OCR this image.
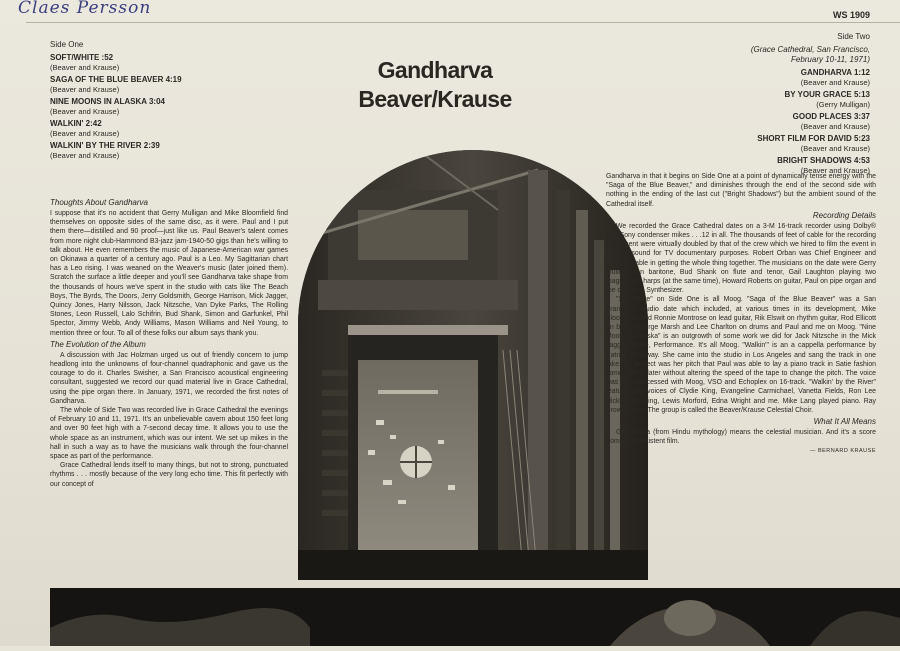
Claes Persson	WS 1909
Side One
SOFT/WHITE :52
(Beaver and Krause)
SAGA OF THE BLUE BEAVER 4:19
(Beaver and Krause)
NINE MOONS IN ALASKA 3:04
(Beaver and Krause)
WALKIN' 2:42
(Beaver and Krause)
WALKIN' BY THE RIVER 2:39
(Beaver and Krause)
Gandharva
Beaver/Krause
Side Two
(Grace Cathedral, San Francisco,
February 10-11, 1971)
GANDHARVA 1:12
(Beaver and Krause)
BY YOUR GRACE 5:13
(Gerry Mulligan)
GOOD PLACES 3:37
(Beaver and Krause)
SHORT FILM FOR DAVID 5:23
(Beaver and Krause)
BRIGHT SHADOWS 4:53
(Beaver and Krause)
Thoughts About Gandharva
I suppose that it's no accident that Gerry Mulligan and Mike Bloomfield find themselves on opposite sides of the same disc, as it were. Paul and I put them there—distilled and 90 proof—just like us. Paul Beaver's talent comes from more night club-Hammond B3-jazz jam-1940-50 gigs than he's willing to talk about. He even remembers the music of Japanese-American war games on Okinawa a quarter of a century ago. Paul is a Leo. My Sagittarian chart has a Leo rising. I was weaned on the Weaver's music (later joined them). Scratch the surface a little deeper and you'll see Gandharva take shape from the thousands of hours we've spent in the studio with cats like The Beach Boys, The Byrds, The Doors, Jerry Goldsmith, George Harrison, Mick Jagger, Quincy Jones, Harry Nilsson, Jack Nitzsche, Van Dyke Parks, The Rolling Stones, Leon Russell, Lalo Schifrin, Bud Shank, Simon and Garfunkel, Phil Spector, Jimmy Webb, Andy Williams, Mason Williams and Neil Young, to mention three or four. To all of these folks our album says thank you.
The Evolution of the Album

A discussion with Jac Holzman urged us out of friendly concern to jump headlong into the unknowns of four-channel quadraphonic and gave us the courage to do it. Charles Swisher, a San Francisco acoustical engineering consultant, suggested we record our quad material live in Grace Cathedral, using the pipe organ there. In January, 1971, we recorded the first notes of Gandharva.

The whole of Side Two was recorded live in Grace Cathedral the evenings of February 10 and 11, 1971. It's an unbelievable cavern about 150 feet long and over 90 feet high with a 7-second decay time. It allows you to use the whole space as an instrument, which was our intent. We set up mikes in the hall in such a way as to have the musicians walk through the four-channel space as part of the performance.

Grace Cathedral lends itself to many things, but not to strong, punctuated rhythms . . . mostly because of the very long echo time. This fit perfectly with our concept of

Gandharva in that it begins on Side One at a point of dynamically tense energy with the "Saga of the Blue Beaver," and diminishes through the end of the second side with nothing in the ending of the last cut ("Bright Shadows") but the ambient sound of the Cathedral itself.
Recording Details

We recorded the Grace Cathedral dates on a 3-M 16-track recorder using Dolby® and Sony condenser mikes . . .12 in all. The thousands of feet of cable for the recording equipment were virtually doubled by that of the crew which we hired to film the event in 16 mm sound for TV documentary purposes. Robert Orban was Chief Engineer and indispensable in getting the whole thing together. The musicians on the date were Gerry Mulligan on baritone, Bud Shank on flute and tenor, Gail Laughton playing two magnificent harps (at the same time), Howard Roberts on guitar, Paul on pipe organ and me on Moog Synthesizer.

"Soft/White" on Side One is all Moog. "Saga of the Blue Beaver" was a San Francisco studio date which included, at various times in its development, Mike Bloomfield and Ronnie Montrose on lead guitar, Rik Elswit on rhythm guitar, Rod Ellicott on bass, George Marsh and Lee Charlton on drums and Paul and me on Moog. "Nine Moons in Alaska" is an outgrowth of some work we did for Jack Nitzsche in the Mick Jagger movie, Performance. It's all Moog. "Walkin'" is an a cappella performance by Patrice Holloway. She came into the studio in Los Angeles and sang the track in one take. So perfect was her pitch that Paul was able to lay a piano track in Satie fashion some weeks later without altering the speed of the tape to change the pitch. The voice was then processed with Moog, VSO and Echoplex on 16-track. "Walkin' by the River" features the voices of Clydie King, Evangeline Carmichael, Vanetta Fields, Ron Lee Hicklin, Bill King, Lewis Morford, Edna Wright and me. Mike Lang played piano. Ray Brown, bass. The group is called the Beaver/Krause Celestial Choir.

What It All Means

Gandharva (from Hindu mythology) means the celestial musician. And it's a score from a non-existent film.

— BERNARD KRAUSE
